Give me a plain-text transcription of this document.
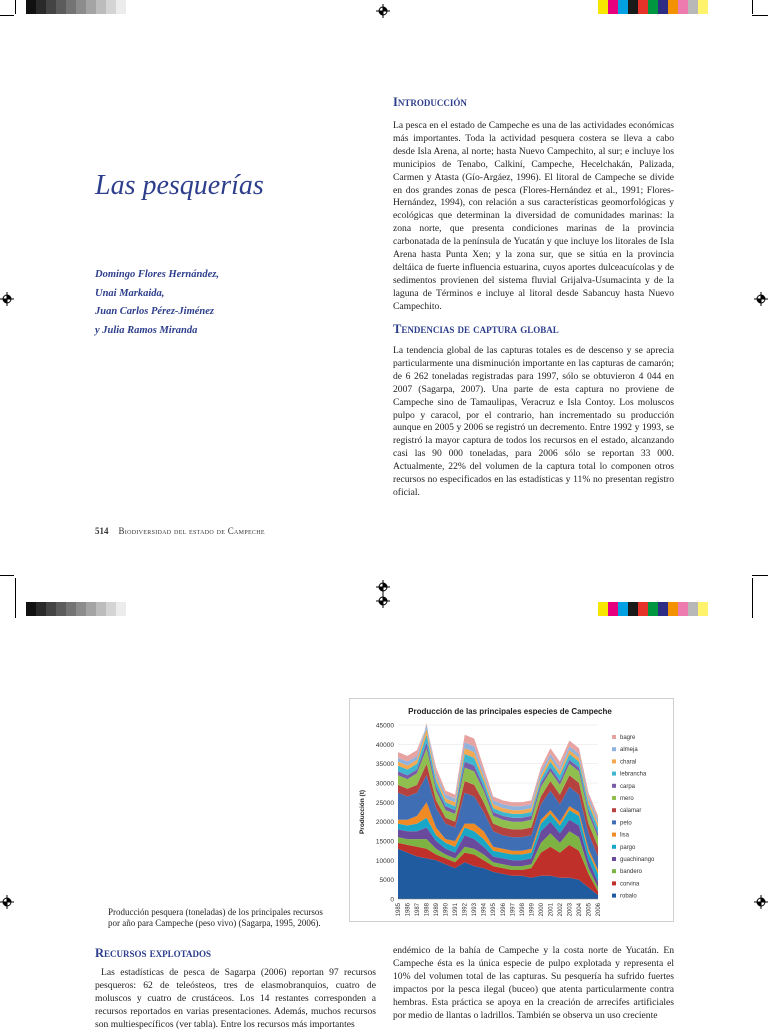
Las pesquerías
Domingo Flores Hernández,
Unai Markaida,
Juan Carlos Pérez-Jiménez
y Julia Ramos Miranda
Introducción
La pesca en el estado de Campeche es una de las actividades económicas más importantes. Toda la actividad pesquera costera se lleva a cabo desde Isla Arena, al norte; hasta Nuevo Campechito, al sur; e incluye los municipios de Tenabo, Calkiní, Campeche, Hecelchakán, Palizada, Carmen y Atasta (Gío-Argáez, 1996). El litoral de Campeche se divide en dos grandes zonas de pesca (Flores-Hernández et al., 1991; Flores-Hernández, 1994), con relación a sus características geomorfológicas y ecológicas que determinan la diversidad de comunidades marinas: la zona norte, que presenta condiciones marinas de la provincia carbonatada de la península de Yucatán y que incluye los litorales de Isla Arena hasta Punta Xen; y la zona sur, que se sitúa en la provincia deltáica de fuerte influencia estuarina, cuyos aportes dulceacuícolas y de sedimentos provienen del sistema fluvial Grijalva-Usumacinta y de la laguna de Términos e incluye al litoral desde Sabancuy hasta Nuevo Campechito.
Tendencias de captura global
La tendencia global de las capturas totales es de descenso y se aprecia particularmente una disminución importante en las capturas de camarón; de 6 262 toneladas registradas para 1997, sólo se obtuvieron 4 044 en 2007 (Sagarpa, 2007). Una parte de esta captura no proviene de Campeche sino de Tamaulipas, Veracruz e Isla Contoy. Los moluscos pulpo y caracol, por el contrario, han incrementado su producción aunque en 2005 y 2006 se registró un decremento. Entre 1992 y 1993, se registró la mayor captura de todos los recursos en el estado, alcanzando casi las 90 000 toneladas, para 2006 sólo se reportan 33 000. Actualmente, 22% del volumen de la captura total lo componen otros recursos no especificados en las estadísticas y 11% no presentan registro oficial.
514 Biodiversidad del estado de Campeche
Producción de las principales especies de Campeche
0
5000
10000
15000
20000
25000
30000
35000
40000
45000
Producción (t)
1985 1986 1987 1988 1989 1990 1991 1992 1993 1994 1995 1996 1997 1998 1999 2000 2001 2002 2003 2004 2005 2006
bagre
almeja
charal
lebrancha
carpa
mero
calamar
peto
lisa
pargo
guachinango
bandero
corvina
robalo
Producción pesquera (toneladas) de los principales recursos por año para Campeche (peso vivo) (Sagarpa, 1995, 2006).
Recursos explotados
Las estadísticas de pesca de Sagarpa (2006) reportan 97 recursos pesqueros: 62 de teleósteos, tres de elasmobranquios, cuatro de moluscos y cuatro de crustáceos. Los 14 restantes corresponden a recursos reportados en varias presentaciones. Además, muchos recursos son multiespecíficos (ver tabla). Entre los recursos más importantes
endémico de la bahía de Campeche y la costa norte de Yucatán. En Campeche ésta es la única especie de pulpo explotada y representa el 10% del volumen total de las capturas. Su pesquería ha sufrido fuertes impactos por la pesca ilegal (buceo) que atenta particularmente contra hembras. Esta práctica se apoya en la creación de arrecifes artificiales por medio de llantas o ladrillos. También se observa un uso creciente
